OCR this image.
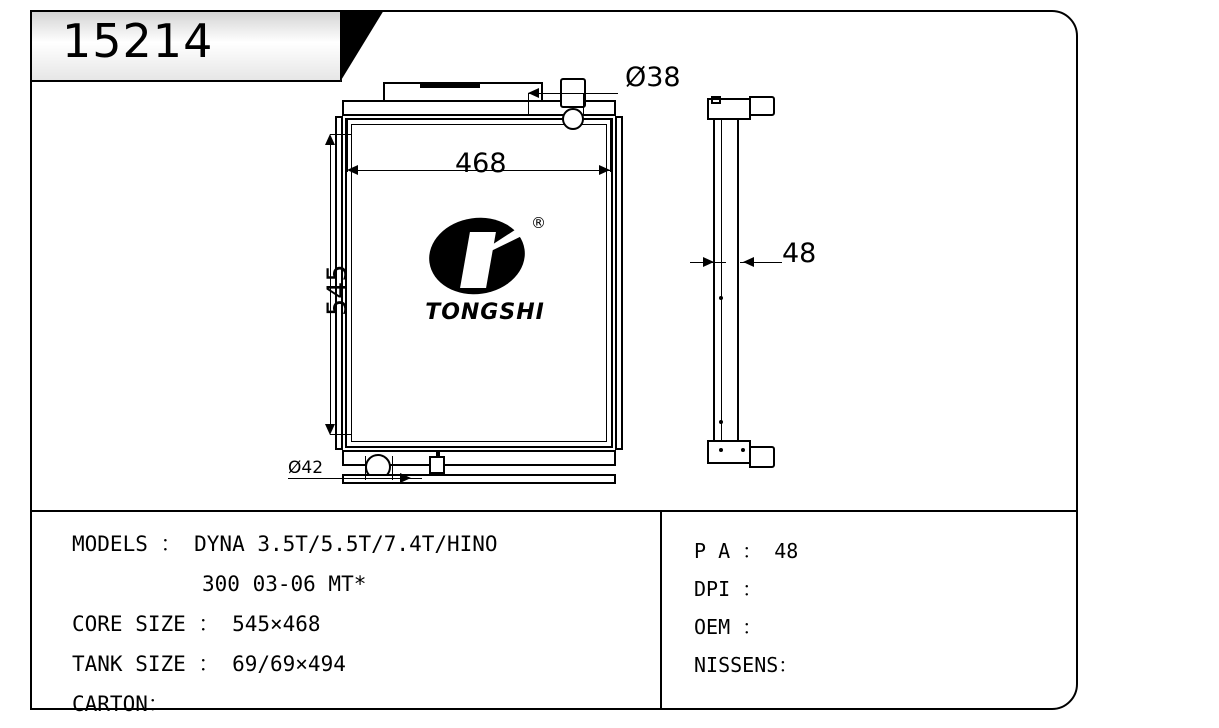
15214
®
TONGSHI
468
545
Ø38
Ø42
48
MODELS ： DYNA 3.5T/5.5T/7.4T/HINO
300 03-06 MT*
CORE SIZE ： 545×468
TANK SIZE ： 69/69×494
CARTON：
P A ： 48
DPI ：
OEM ：
NISSENS：
